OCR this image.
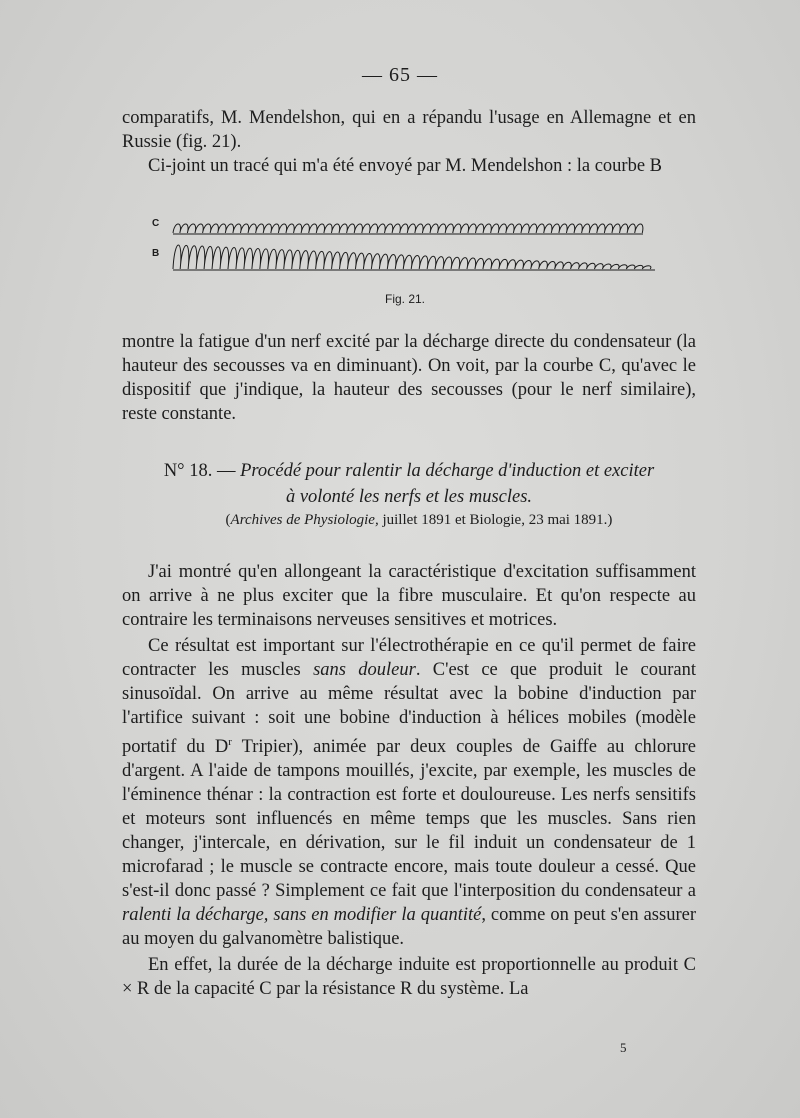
— 65 —

comparatifs, M. Mendelshon, qui en a répandu l'usage en Allemagne et en Russie (fig. 21).

Ci-joint un tracé qui m'a été envoyé par M. Mendelshon : la courbe B

C
B
Fig. 21.

montre la fatigue d'un nerf excité par la décharge directe du condensateur (la hauteur des secousses va en diminuant). On voit, par la courbe C, qu'avec le dispositif que j'indique, la hauteur des secousses (pour le nerf similaire), reste constante.

N° 18. — Procédé pour ralentir la décharge d'induction et exciter
à volonté les nerfs et les muscles.
(Archives de Physiologie, juillet 1891 et Biologie, 23 mai 1891.)

J'ai montré qu'en allongeant la caractéristique d'excitation suffisamment on arrive à ne plus exciter que la fibre musculaire. Et qu'on respecte au contraire les terminaisons nerveuses sensitives et motrices.

Ce résultat est important sur l'électrothérapie en ce qu'il permet de faire contracter les muscles sans douleur. C'est ce que produit le courant sinusoïdal. On arrive au même résultat avec la bobine d'induction par l'artifice suivant : soit une bobine d'induction à hélices mobiles (modèle portatif du $D^r$ Tripier), animée par deux couples de Gaiffe au chlorure d'argent. A l'aide de tampons mouillés, j'excite, par exemple, les muscles de l'éminence thénar : la contraction est forte et douloureuse. Les nerfs sensitifs et moteurs sont influencés en même temps que les muscles. Sans rien changer, j'intercale, en dérivation, sur le fil induit un condensateur de 1 microfarad ; le muscle se contracte encore, mais toute douleur a cessé. Que s'est-il donc passé ? Simplement ce fait que l'interposition du condensateur a ralenti la décharge, sans en modifier la quantité, comme on peut s'en assurer au moyen du galvanomètre balistique.

En effet, la durée de la décharge induite est proportionnelle au produit C × R de la capacité C par la résistance R du système. La

5
